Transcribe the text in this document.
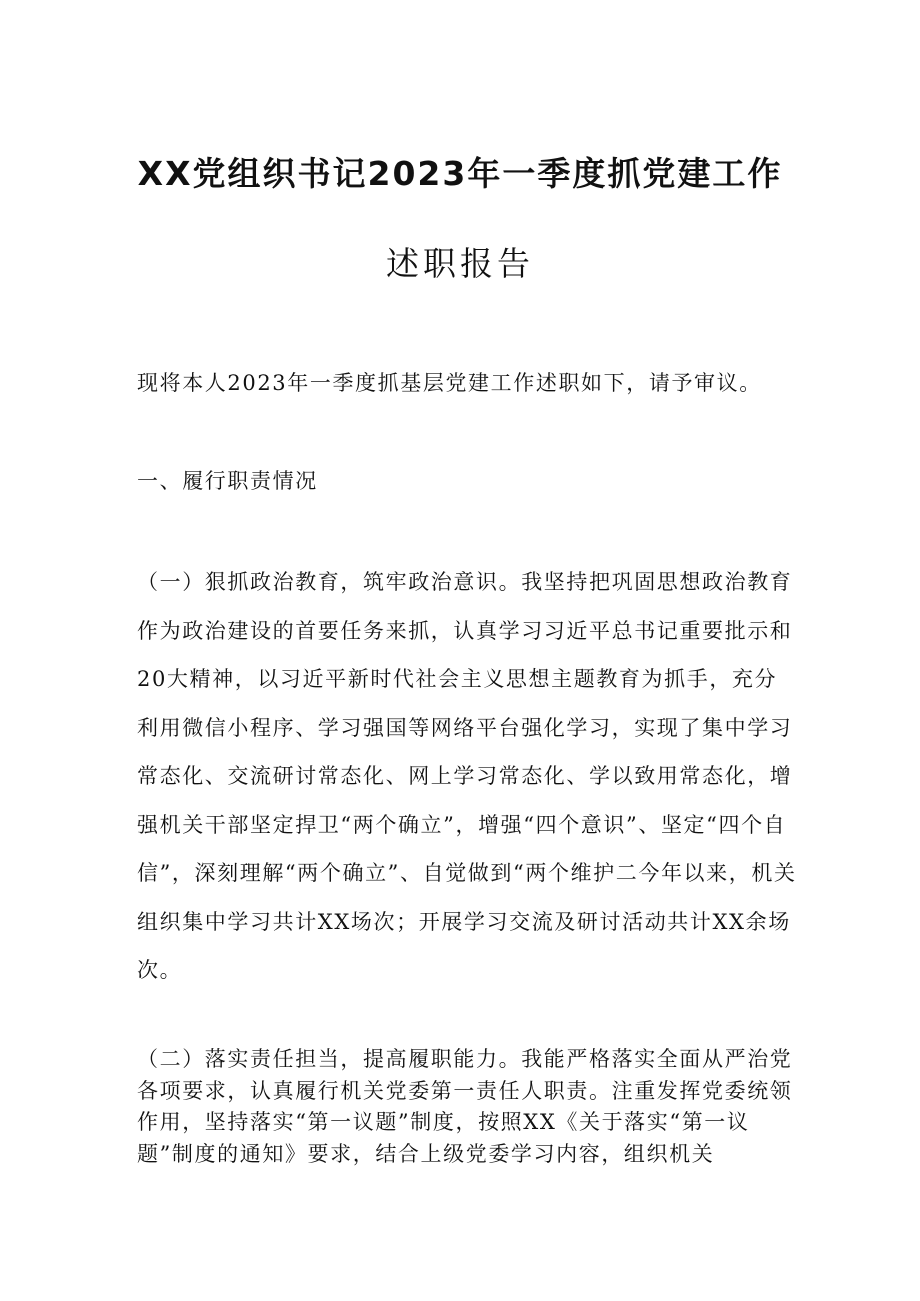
XX党组织书记2023年一季度抓党建工作
述职报告
现将本人2023年一季度抓基层党建工作述职如下，请予审议。
一、履行职责情况
（一）狠抓政治教育，筑牢政治意识。我坚持把巩固思想政治教育作为政治建设的首要任务来抓，认真学习习近平总书记重要批示和20大精神，以习近平新时代社会主义思想主题教育为抓手，充分利用微信小程序、学习强国等网络平台强化学习，实现了集中学习常态化、交流研讨常态化、网上学习常态化、学以致用常态化，增强机关干部坚定捍卫“两个确立”，增强“四个意识”、坚定“四个自信”，深刻理解“两个确立”、自觉做到“两个维护二今年以来，机关组织集中学习共计XX场次；开展学习交流及研讨活动共计XX余场次。
（二）落实责任担当，提高履职能力。我能严格落实全面从严治党各项要求，认真履行机关党委第一责任人职责。注重发挥党委统领作用，坚持落实“第一议题”制度，按照XX《关于落实“第一议题”制度的通知》要求，结合上级党委学习内容，组织机关
